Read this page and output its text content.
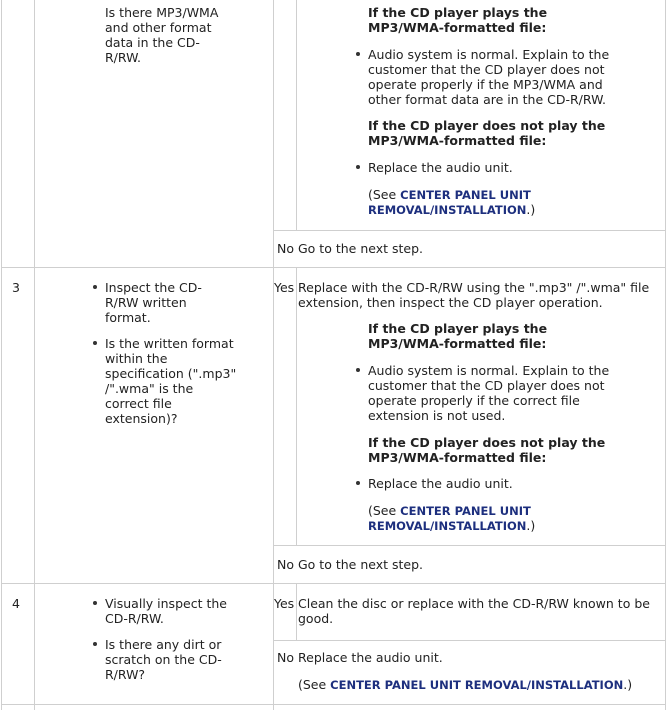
Is there MP3/WMA
and other format
data in the CD-
R/RW.
If the CD player plays the
MP3/WMA-formatted file:
Audio system is normal. Explain to the
customer that the CD player does not
operate properly if the MP3/WMA and
other format data are in the CD-R/RW.
If the CD player does not play the
MP3/WMA-formatted file:
Replace the audio unit.
(See CENTER PANEL UNIT
REMOVAL/INSTALLATION.)
No Go to the next step.
3	Inspect the CD-
R/RW written
format.
Is the written format
within the
specification (".mp3"
/".wma" is the
correct file
extension)?
Yes Replace with the CD-R/RW using the ".mp3" /".wma" file
extension, then inspect the CD player operation.
If the CD player plays the
MP3/WMA-formatted file:
Audio system is normal. Explain to the
customer that the CD player does not
operate properly if the correct file
extension is not used.
If the CD player does not play the
MP3/WMA-formatted file:
Replace the audio unit.
(See CENTER PANEL UNIT
REMOVAL/INSTALLATION.)
No Go to the next step.
4	Visually inspect the
CD-R/RW.
Is there any dirt or
scratch on the CD-
R/RW?
Yes Clean the disc or replace with the CD-R/RW known to be
good.
No Replace the audio unit.
(See CENTER PANEL UNIT REMOVAL/INSTALLATION.)
